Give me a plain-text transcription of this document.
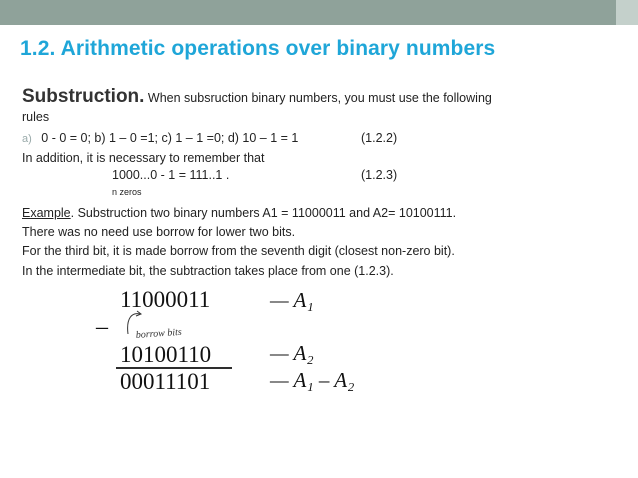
1.2. Arithmetic operations over binary numbers
Substruction. When subsruction binary numbers, you must use the following
rules
a) 0 - 0 = 0; b) 1 – 0 =1; c) 1 – 1 =0; d) 10 – 1 = 1	(1.2.2)
In addition, it is necessary to remember that
1000...0 - 1 = 111..1 .	(1.2.3)
n zeros
Example. Substruction two binary numbers A1 = 11000011 and A2= 10100111.
There was no need use borrow for lower two bits.
For the third bit, it is made borrow from the seventh digit (closest non-zero bit).
In the intermediate bit, the subtraction takes place from one (1.2.3).
11000011	— A₁
–	borrow bits
10100110	— A₂
00011101	— A₁ – A₂
